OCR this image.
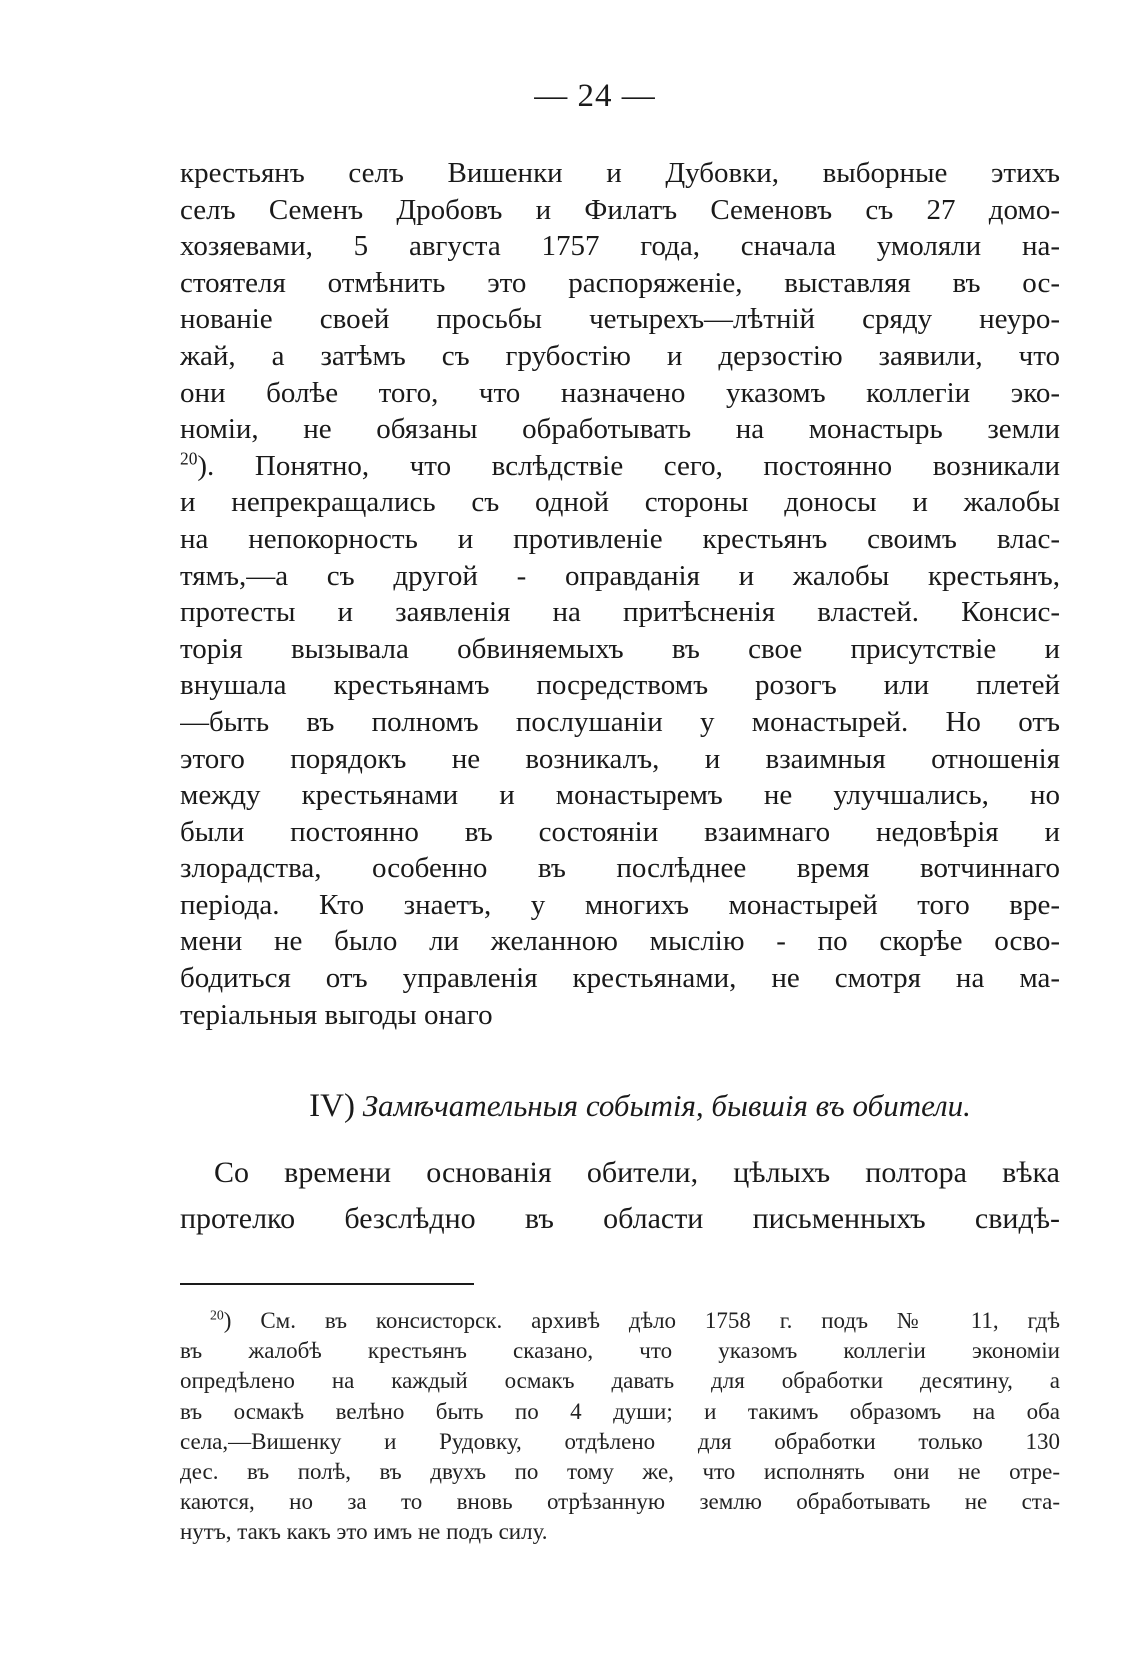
— 24 —
крестьянъ селъ Вишенки и Дубовки, выборные этихъ
селъ Семенъ Дробовъ и Филатъ Семеновъ съ 27 домо-
хозяевами, 5 августа 1757 года, сначала умоляли на-
стоятеля отмѣнить это распоряженіе, выставляя въ ос-
нованіе своей просьбы четырехъ—лѣтній сряду неуро-
жай, а затѣмъ съ грубостію и дерзостію заявили, что
они болѣе того, что назначено указомъ коллегіи эко-
номіи, не обязаны обработывать на монастырь земли
$^{20}$). Понятно, что вслѣдствіе сего, постоянно возникали
и непрекращались съ одной стороны доносы и жалобы
на непокорность и противленіе крестьянъ своимъ влас-
тямъ,—а съ другой - оправданія и жалобы крестьянъ,
протесты и заявленія на притѣсненія властей. Консис-
торія вызывала обвиняемыхъ въ свое присутствіе и
внушала крестьянамъ посредствомъ розогъ или плетей
—быть въ полномъ послушаніи у монастырей. Но отъ
этого порядокъ не возникалъ, и взаимныя отношенія
между крестьянами и монастыремъ не улучшались, но
были постоянно въ состояніи взаимнаго недовѣрія и
злорадства, особенно въ послѣднее время вотчиннаго
періода. Кто знаетъ, у многихъ монастырей того вре-
мени не было ли желанною мыслію - по скорѣе осво-
бодиться отъ управленія крестьянами, не смотря на ма-
теріальныя выгоды онаго
IV) Замѣчательныя событія, бывшія въ обители.
Со времени основанія обители, цѣлыхъ полтора вѣка
протелко безслѣдно въ области письменныхъ свидѣ-
$^{20}$) См. въ консисторск. архивѣ дѣло 1758 г. подъ № 11, гдѣ
въ жалобѣ крестьянъ сказано, что указомъ коллегіи экономіи
опредѣлено на каждый осмакъ давать для обработки десятину, а
въ осмакѣ велѣно быть по 4 души; и такимъ образомъ на оба
села,—Вишенку и Рудовку, отдѣлено для обработки только 130
дес. въ полѣ, въ двухъ по тому же, что исполнять они не отре-
каются, но за то вновь отрѣзанную землю обработывать не ста-
нутъ, такъ какъ это имъ не подъ силу.
